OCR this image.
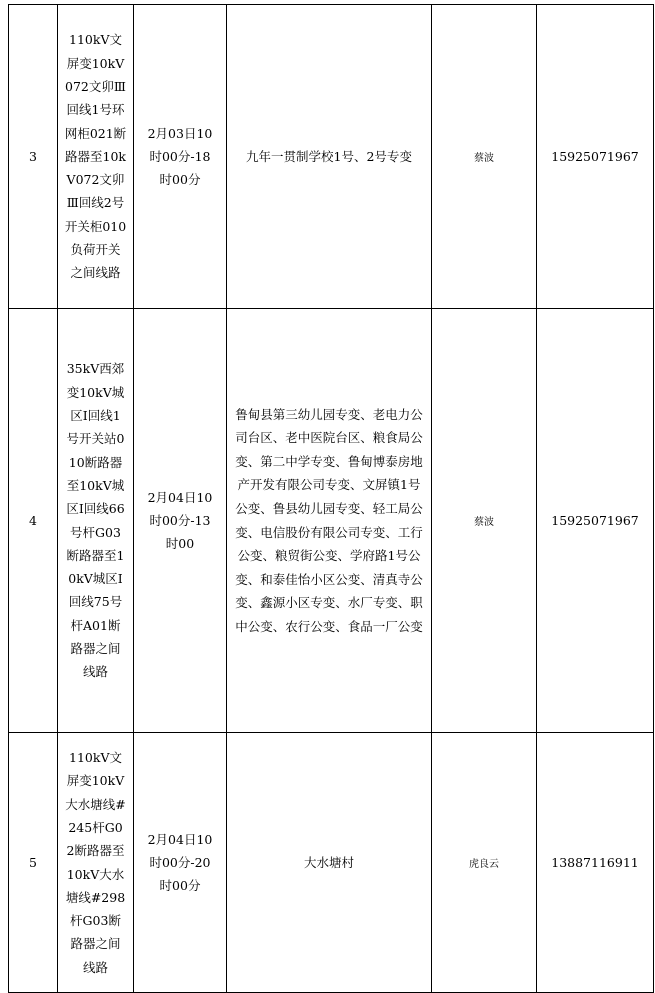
3	110kV文屏变10kV072文卯Ⅲ回线1号环网柜021断路器至10kV072文卯Ⅲ回线2号开关柜010负荷开关之间线路	2月03日10时00分-18时00分	九年一贯制学校1号、2号专变	蔡波	15925071967
4	35kV西郊变10kV城区Ⅰ回线1号开关站010断路器至10kV城区Ⅰ回线66号杆G03断路器至10kV城区Ⅰ回线75号杆A01断路器之间线路	2月04日10时00分-13时00	鲁甸县第三幼儿园专变、老电力公司台区、老中医院台区、粮食局公变、第二中学专变、鲁甸博泰房地产开发有限公司专变、文屏镇1号公变、鲁县幼儿园专变、轻工局公变、电信股份有限公司专变、工行公变、粮贸街公变、学府路1号公变、和泰佳怡小区公变、清真寺公变、鑫源小区专变、水厂专变、职中公变、农行公变、食品一厂公变	蔡波	15925071967
5	110kV文屏变10kV大水塘线#245杆G02断路器至10kV大水塘线#298杆G03断路器之间线路	2月04日10时00分-20时00分	大水塘村	虎良云	13887116911
